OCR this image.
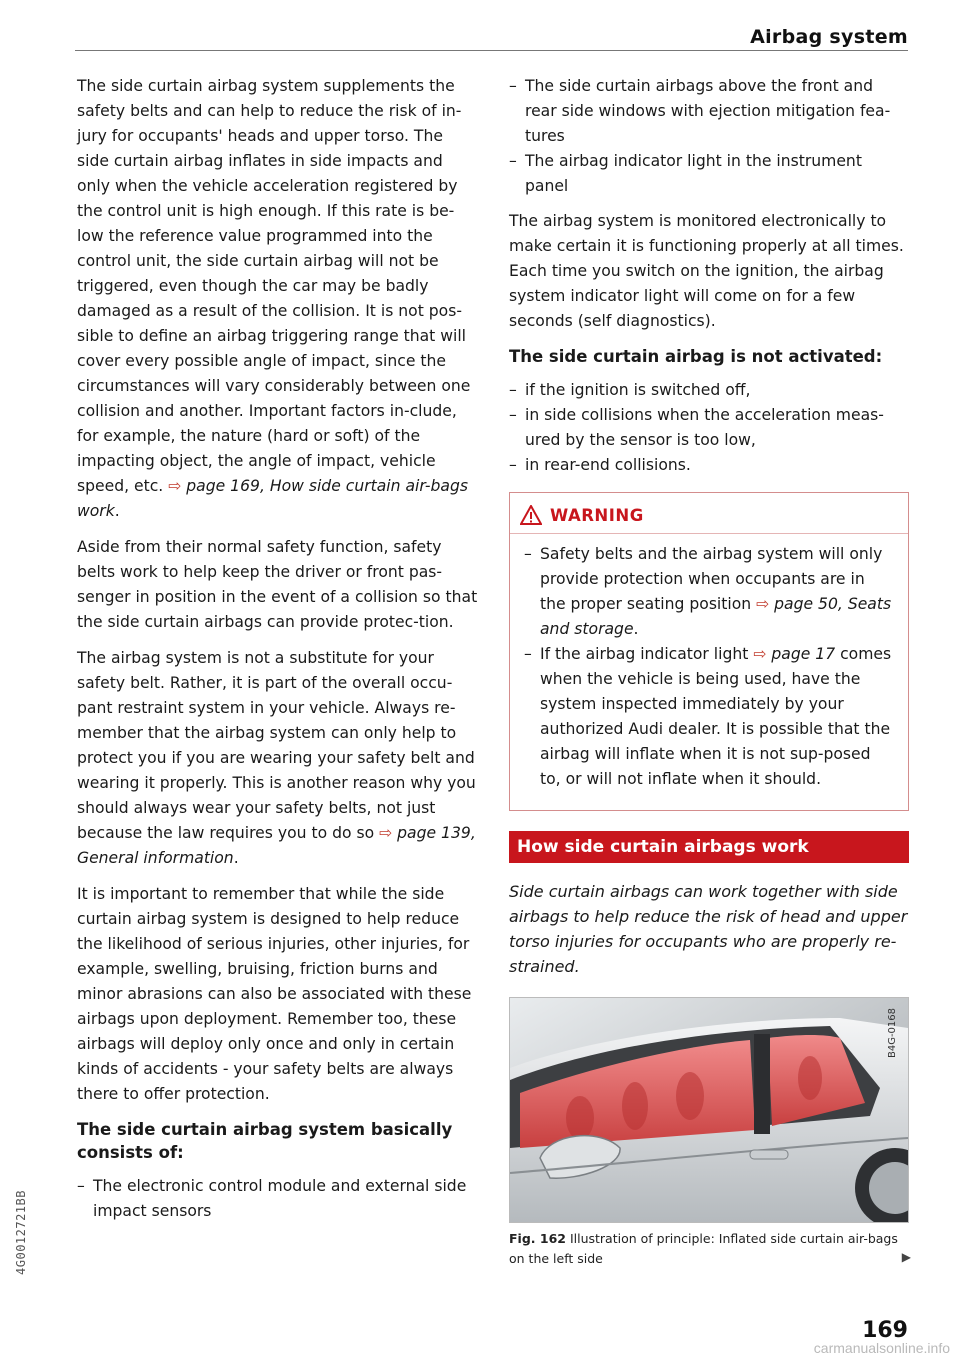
Airbag system

The side curtain airbag system supplements the safety belts and can help to reduce the risk of in-jury for occupants' heads and upper torso. The side curtain airbag inflates in side impacts and only when the vehicle acceleration registered by the control unit is high enough. If this rate is be-low the reference value programmed into the control unit, the side curtain airbag will not be triggered, even though the car may be badly damaged as a result of the collision. It is not pos-sible to define an airbag triggering range that will cover every possible angle of impact, since the circumstances will vary considerably between one collision and another. Important factors in-clude, for example, the nature (hard or soft) of the impacting object, the angle of impact, vehicle speed, etc. ⇨ page 169, How side curtain air-bags work.

Aside from their normal safety function, safety belts work to help keep the driver or front pas-senger in position in the event of a collision so that the side curtain airbags can provide protec-tion.

The airbag system is not a substitute for your safety belt. Rather, it is part of the overall occu-pant restraint system in your vehicle. Always re-member that the airbag system can only help to protect you if you are wearing your safety belt and wearing it properly. This is another reason why you should always wear your safety belts, not just because the law requires you to do so ⇨ page 139, General information.

It is important to remember that while the side curtain airbag system is designed to help reduce the likelihood of serious injuries, other injuries, for example, swelling, bruising, friction burns and minor abrasions can also be associated with these airbags upon deployment. Remember too, these airbags will deploy only once and only in certain kinds of accidents - your safety belts are always there to offer protection.

The side curtain airbag system basically consists of:
– The electronic control module and external side impact sensors
– The side curtain airbags above the front and rear side windows with ejection mitigation fea-tures
– The airbag indicator light in the instrument panel

The airbag system is monitored electronically to make certain it is functioning properly at all times. Each time you switch on the ignition, the airbag system indicator light will come on for a few seconds (self diagnostics).

The side curtain airbag is not activated:
– if the ignition is switched off,
– in side collisions when the acceleration meas-ured by the sensor is too low,
– in rear-end collisions.
WARNING
– Safety belts and the airbag system will only provide protection when occupants are in the proper seating position ⇨ page 50, Seats and storage.
– If the airbag indicator light ⇨ page 17 comes when the vehicle is being used, have the system inspected immediately by your authorized Audi dealer. It is possible that the airbag will inflate when it is not sup-posed to, or will not inflate when it should.
How side curtain airbags work
Side curtain airbags can work together with side airbags to help reduce the risk of head and upper torso injuries for occupants who are properly re-strained.
B4G-0168
Fig. 162 Illustration of principle: Inflated side curtain air-bags on the left side	▶
4G0012721BB
169
carmanualsonline.info
